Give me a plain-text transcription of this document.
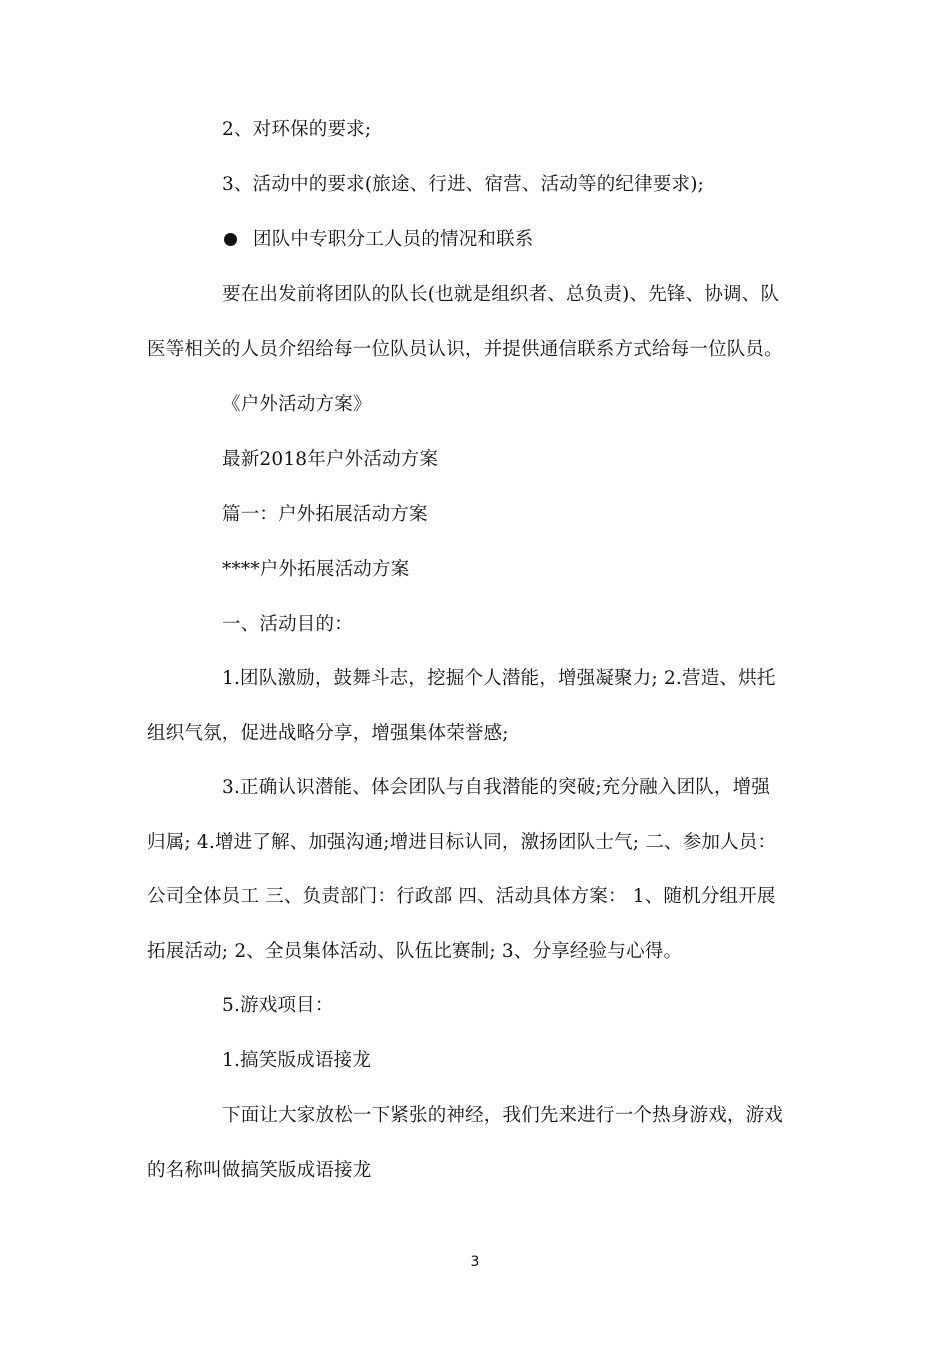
2、对环保的要求;

3、活动中的要求(旅途、行进、宿营、活动等的纪律要求);

团队中专职分工人员的情况和联系

要在出发前将团队的队长(也就是组织者、总负责)、先锋、协调、队

医等相关的人员介绍给每一位队员认识，并提供通信联系方式给每一位队员。

《户外活动方案》

最新2018年户外活动方案

篇一：户外拓展活动方案

****户外拓展活动方案

一、活动目的：

1.团队激励，鼓舞斗志，挖掘个人潜能，增强凝聚力; 2.营造、烘托

组织气氛，促进战略分享，增强集体荣誉感;

3.正确认识潜能、体会团队与自我潜能的突破;充分融入团队，增强

归属; 4.增进了解、加强沟通;增进目标认同，激扬团队士气; 二、参加人员：

公司全体员工 三、负责部门：行政部 四、活动具体方案： 1、随机分组开展

拓展活动; 2、全员集体活动、队伍比赛制; 3、分享经验与心得。

5.游戏项目：

1.搞笑版成语接龙

下面让大家放松一下紧张的神经，我们先来进行一个热身游戏，游戏

的名称叫做搞笑版成语接龙

3
